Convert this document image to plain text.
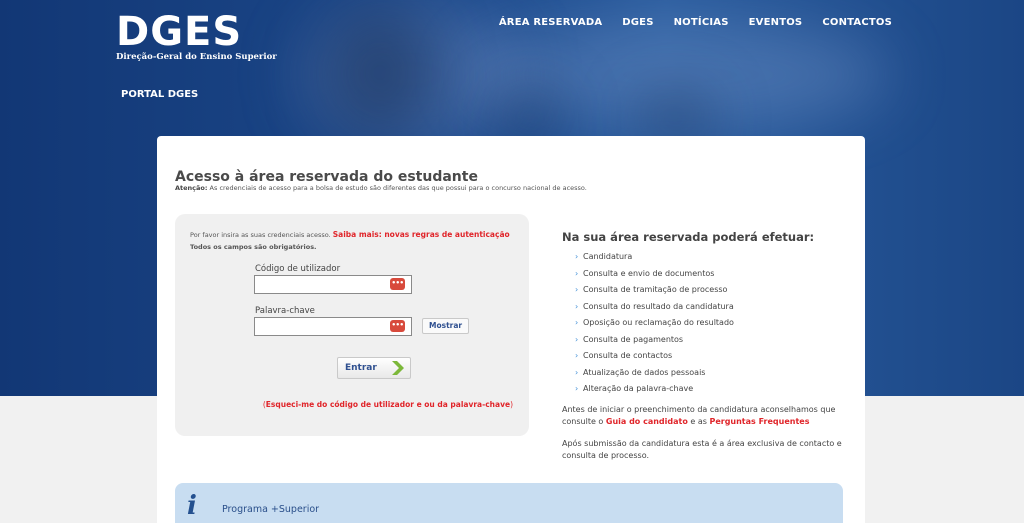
DGES
Direção-Geral do Ensino Superior
ÁREA RESERVADA DGES NOTÍCIAS EVENTOS CONTACTOS
PORTAL DGES
Acesso à área reservada do estudante
Atenção: As credenciais de acesso para a bolsa de estudo são diferentes das que possui para o concurso nacional de acesso.
Por favor insira as suas credenciais acesso. Saiba mais: novas regras de autenticação
Todos os campos são obrigatórios.
Código de utilizador
•••
Palavra-chave
•••	Mostrar
Entrar
(Esqueci-me do código de utilizador e ou da palavra-chave)
Na sua área reservada poderá efetuar:
› Candidatura
› Consulta e envio de documentos
› Consulta de tramitação de processo
› Consulta do resultado da candidatura
› Oposição ou reclamação do resultado
› Consulta de pagamentos
› Consulta de contactos
› Atualização de dados pessoais
› Alteração da palavra-chave

Antes de iniciar o preenchimento da candidatura aconselhamos que consulte o Guia do candidato e as Perguntas Frequentes

Após submissão da candidatura esta é a área exclusiva de contacto e consulta de processo.

i	Programa +Superior
